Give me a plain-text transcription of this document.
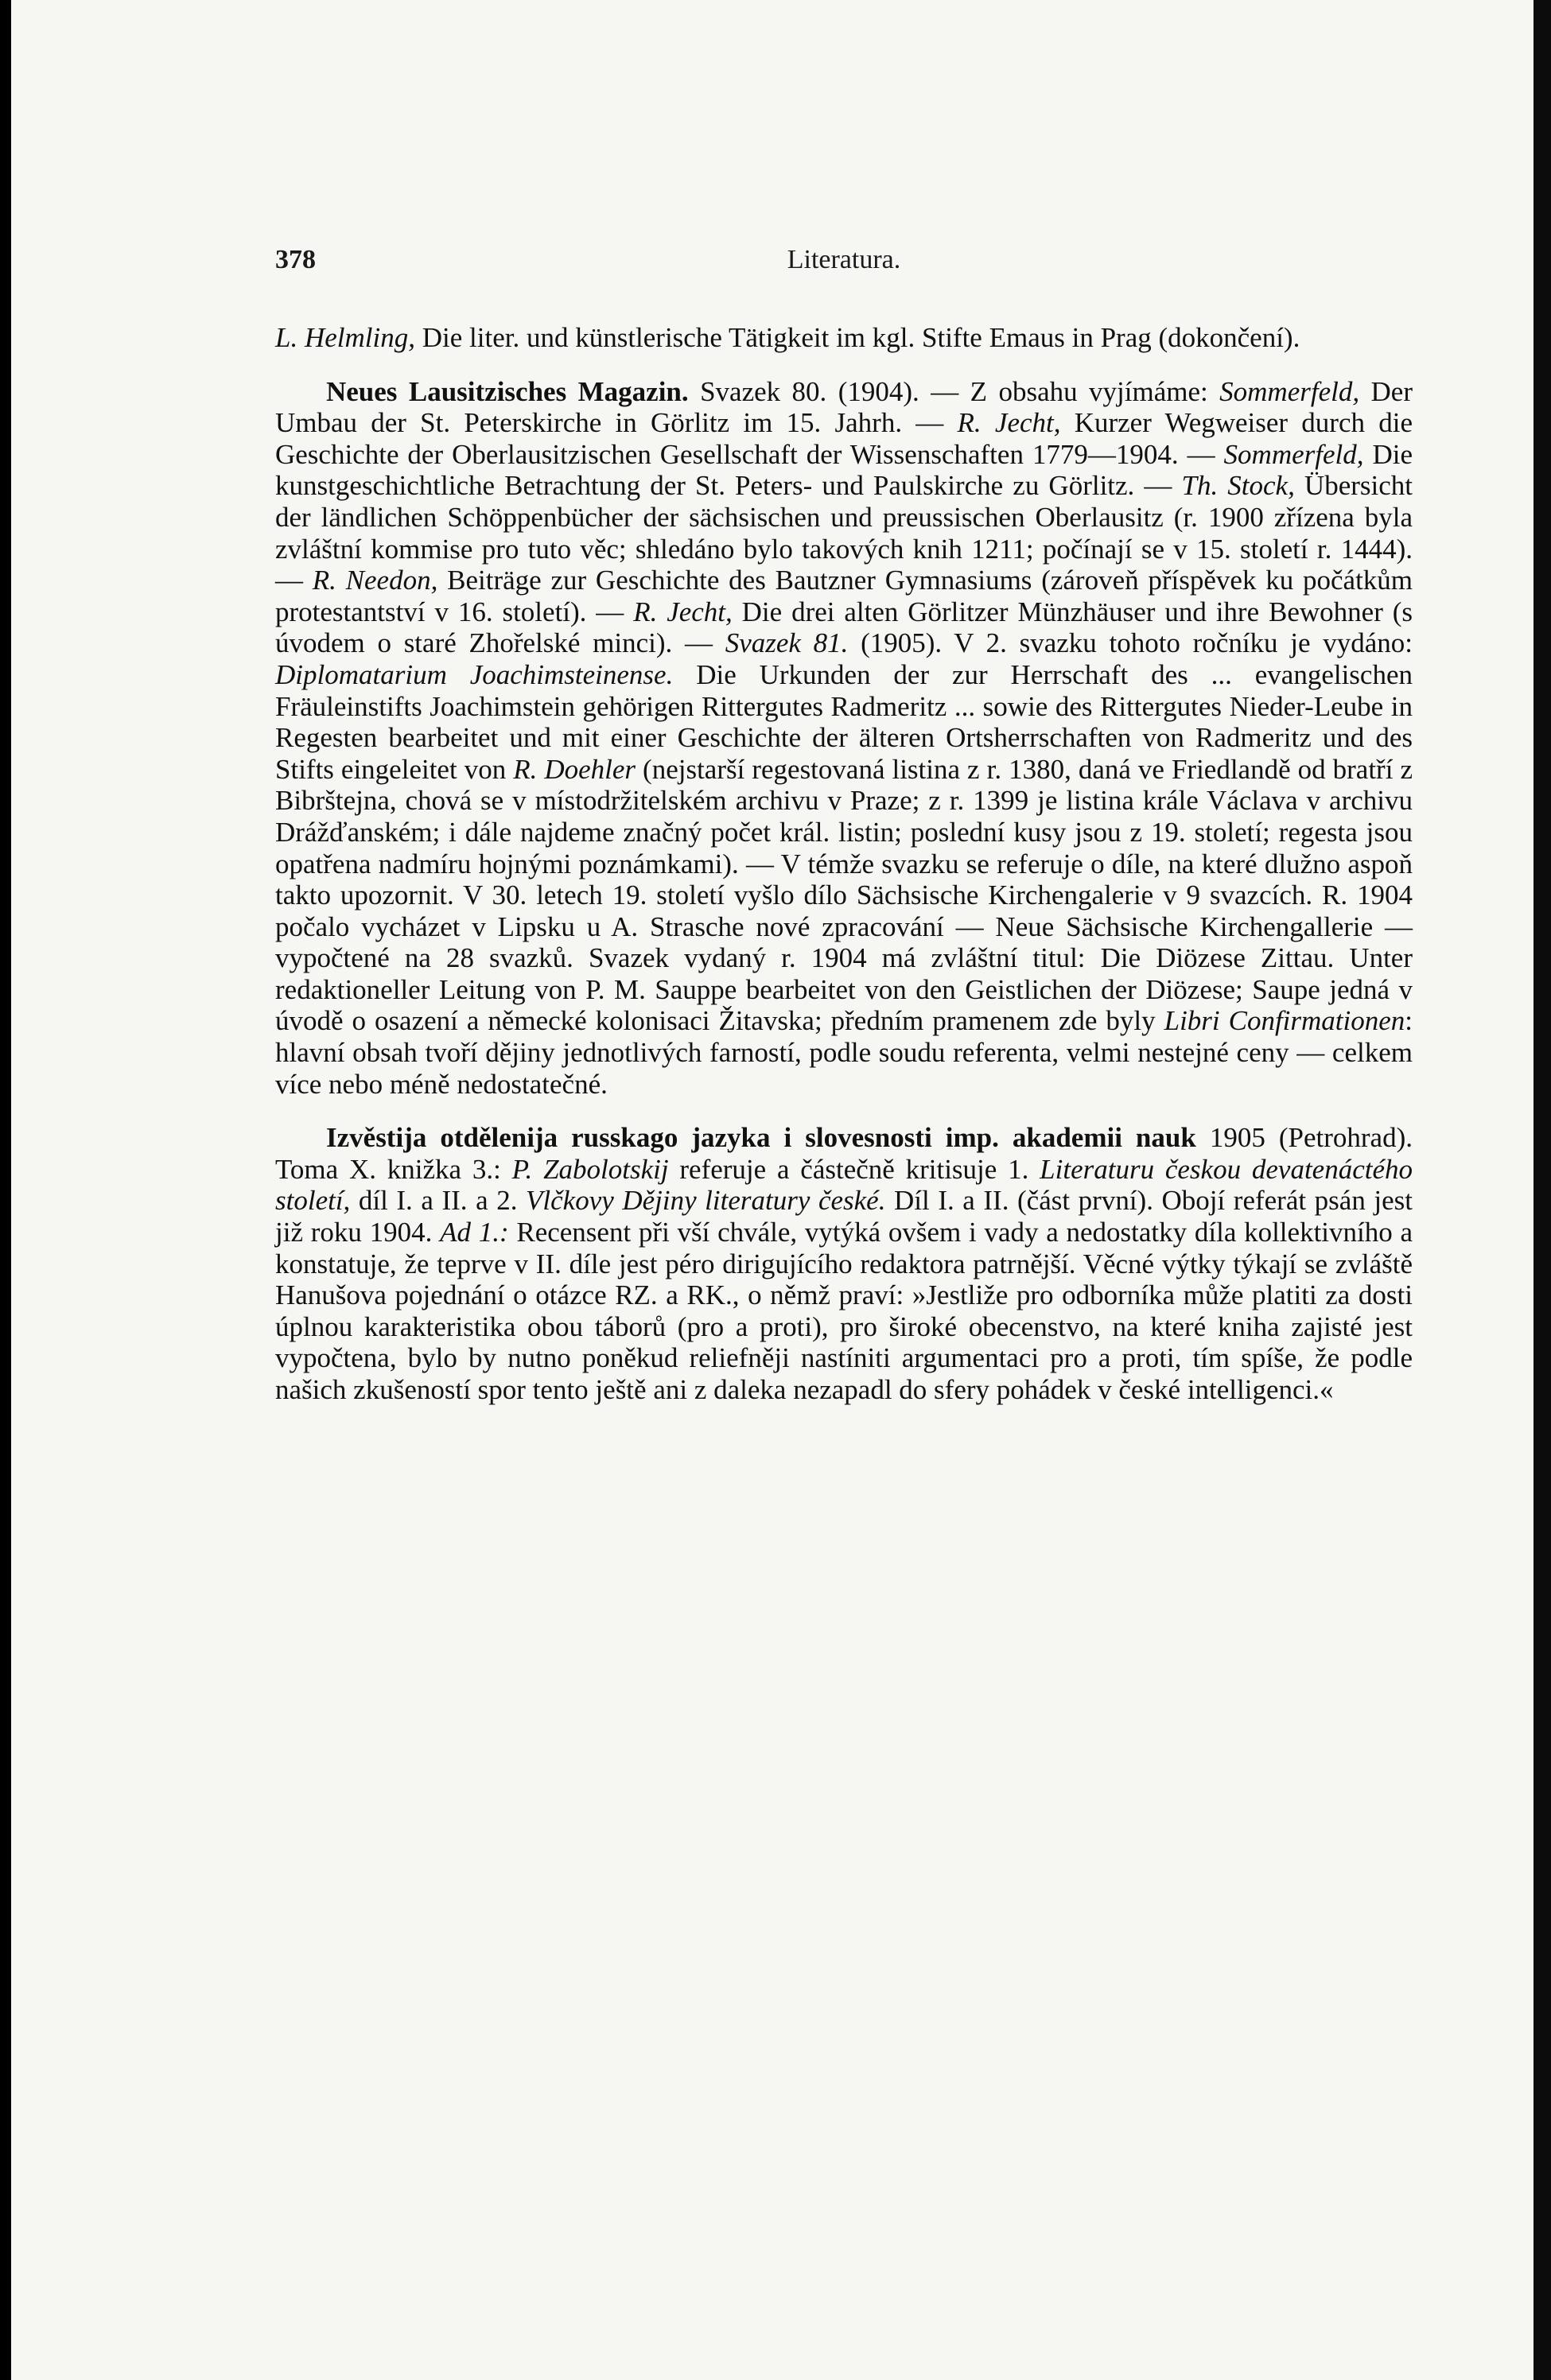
378	Literatura.

L. Helmling, Die liter. und künstlerische Tätigkeit im kgl. Stifte Emaus in Prag (dokončení).

Neues Lausitzisches Magazin. Svazek 80. (1904). — Z obsahu vyjímáme: Sommerfeld, Der Umbau der St. Peterskirche in Görlitz im 15. Jahrh. — R. Jecht, Kurzer Wegweiser durch die Geschichte der Oberlausitzischen Gesellschaft der Wissenschaften 1779—1904. — Sommerfeld, Die kunstgeschichtliche Betrachtung der St. Peters- und Paulskirche zu Görlitz. — Th. Stock, Übersicht der ländlichen Schöppenbücher der sächsischen und preussischen Oberlausitz (r. 1900 zřízena byla zvláštní kommise pro tuto věc; shledáno bylo takových knih 1211; počínají se v 15. století r. 1444). — R. Needon, Beiträge zur Geschichte des Bautzner Gymnasiums (zároveň příspěvek ku počátkům protestantství v 16. století). — R. Jecht, Die drei alten Görlitzer Münzhäuser und ihre Bewohner (s úvodem o staré Zhořelské minci). — Svazek 81. (1905). V 2. svazku tohoto ročníku je vydáno: Diplomatarium Joachimsteinense. Die Urkunden der zur Herrschaft des ... evangelischen Fräuleinstifts Joachimstein gehörigen Rittergutes Radmeritz ... sowie des Rittergutes Nieder-Leube in Regesten bearbeitet und mit einer Geschichte der älteren Ortsherrschaften von Radmeritz und des Stifts eingeleitet von R. Doehler (nejstarší regestovaná listina z r. 1380, daná ve Friedlandě od bratří z Bibrštejna, chová se v místodržitelském archivu v Praze; z r. 1399 je listina krále Václava v archivu Drážďanském; i dále najdeme značný počet král. listin; poslední kusy jsou z 19. století; regesta jsou opatřena nadmíru hojnými poznámkami). — V témže svazku se referuje o díle, na které dlužno aspoň takto upozornit. V 30. letech 19. století vyšlo dílo Sächsische Kirchengalerie v 9 svazcích. R. 1904 počalo vycházet v Lipsku u A. Strasche nové zpracování — Neue Sächsische Kirchengallerie — vypočtené na 28 svazků. Svazek vydaný r. 1904 má zvláštní titul: Die Diözese Zittau. Unter redaktioneller Leitung von P. M. Sauppe bearbeitet von den Geistlichen der Diözese; Saupe jedná v úvodě o osazení a německé kolonisaci Žitavska; předním pramenem zde byly Libri Confirmationen: hlavní obsah tvoří dějiny jednotlivých farností, podle soudu referenta, velmi nestejné ceny — celkem více nebo méně nedostatečné.

Izvěstija otdělenija russkago jazyka i slovesnosti imp. akademii nauk 1905 (Petrohrad). Toma X. knižka 3.: P. Zabolotskij referuje a částečně kritisuje 1. Literaturu českou devatenáctého století, díl I. a II. a 2. Vlčkovy Dějiny literatury české. Díl I. a II. (část první). Obojí referát psán jest již roku 1904. Ad 1.: Recensent při vší chvále, vytýká ovšem i vady a nedostatky díla kollektivního a konstatuje, že teprve v II. díle jest péro dirigujícího redaktora patrnější. Věcné výtky týkají se zvláště Hanušova pojednání o otázce RZ. a RK., o němž praví: »Jestliže pro odborníka může platiti za dosti úplnou karakteristika obou táborů (pro a proti), pro široké obecenstvo, na které kniha zajisté jest vypočtena, bylo by nutno poněkud reliefněji nastíniti argumentaci pro a proti, tím spíše, že podle našich zkušeností spor tento ještě ani z daleka nezapadl do sfery pohádek v české intelligenci.«
